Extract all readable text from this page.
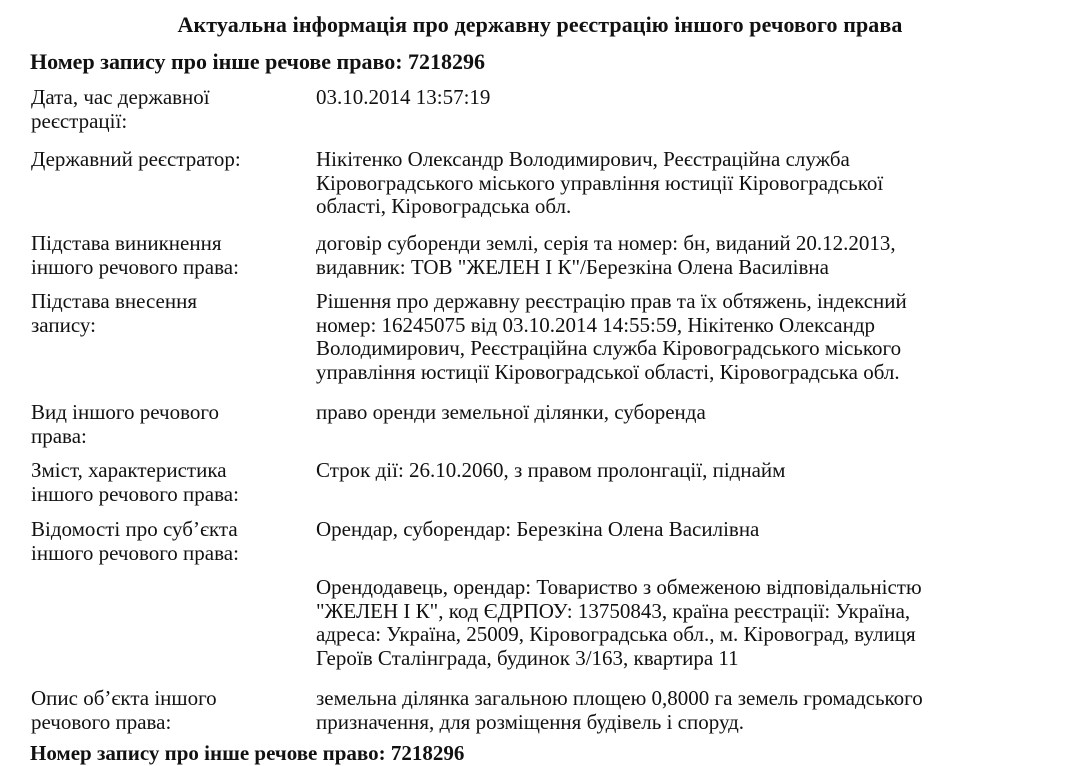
Актуальна інформація про державну реєстрацію іншого речового права
Номер запису про інше речове право: 7218296
Дата, час державної
реєстрації:
03.10.2014 13:57:19
Державний реєстратор:	Нікітенко Олександр Володимирович, Реєстраційна служба
Кіровоградського міського управління юстиції Кіровоградської
області, Кіровоградська обл.
Підстава виникнення
іншого речового права:
договір суборенди землі, серія та номер: бн, виданий 20.12.2013,
видавник: ТОВ "ЖЕЛЕН І К"/Березкіна Олена Василівна
Підстава внесення
запису:
Рішення про державну реєстрацію прав та їх обтяжень, індексний
номер: 16245075 від 03.10.2014 14:55:59, Нікітенко Олександр
Володимирович, Реєстраційна служба Кіровоградського міського
управління юстиції Кіровоградської області, Кіровоградська обл.
Вид іншого речового
права:
право оренди земельної ділянки, суборенда
Зміст, характеристика
іншого речового права:
Строк дії: 26.10.2060, з правом пролонгації, піднайм
Відомості про суб’єкта
іншого речового права:
Орендар, суборендар: Березкіна Олена Василівна
Орендодавець, орендар: Товариство з обмеженою відповідальністю
"ЖЕЛЕН І К", код ЄДРПОУ: 13750843, країна реєстрації: Україна,
адреса: Україна, 25009, Кіровоградська обл., м. Кіровоград, вулиця
Героїв Сталінграда, будинок 3/163, квартира 11
Опис об’єкта іншого
речового права:
земельна ділянка загальною площею 0,8000 га земель громадського
призначення, для розміщення будівель і споруд.
Номер запису про інше речове право: 7218296
